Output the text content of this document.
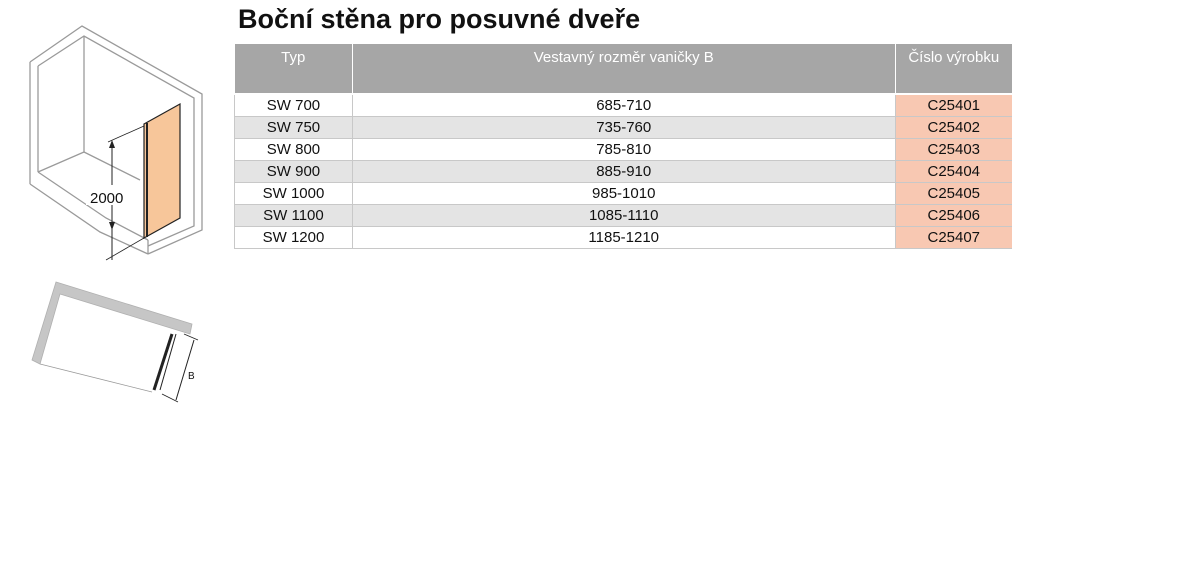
Boční stěna pro posuvné dveře
2000
B
Typ	Vestavný rozměr vaničky B	Číslo výrobku

SW 700	685-710	C25401
SW 750	735-760	C25402
SW 800	785-810	C25403
SW 900	885-910	C25404
SW 1000	985-1010	C25405
SW 1100	1085-1110	C25406
SW 1200	1185-1210	C25407
